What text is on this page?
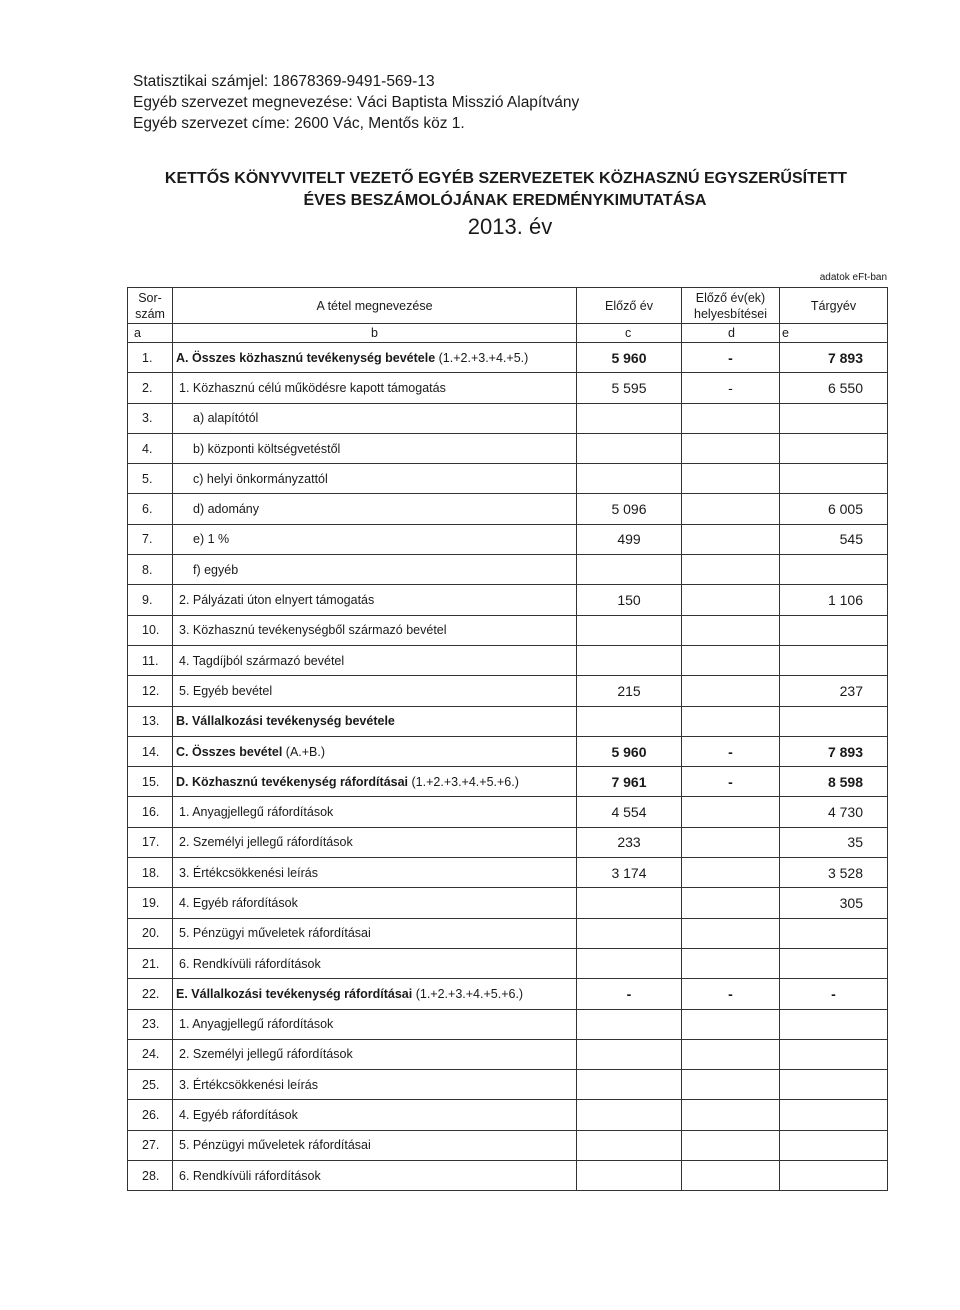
Statisztikai számjel: 18678369-9491-569-13
Egyéb szervezet megnevezése: Váci Baptista Misszió Alapítvány
Egyéb szervezet címe: 2600 Vác, Mentős köz 1.
KETTŐS KÖNYVVITELT VEZETŐ EGYÉB SZERVEZETEK KÖZHASZNÚ EGYSZERŰSÍTETT
ÉVES BESZÁMOLÓJÁNAK EREDMÉNYKIMUTATÁSA
2013. év
adatok eFt-ban
Sor-
szám	A tétel megnevezése	Előző év	Előző év(ek) helyesbítései	Tárgyév
a	b	c	d	e
1.	A. Összes közhasznú tevékenység bevétele (1.+2.+3.+4.+5.)	5 960	-	7 893
2.	1. Közhasznú célú működésre kapott támogatás	5 595	-	6 550
3.	a) alapítótól			
4.	b) központi költségvetéstől			
5.	c) helyi önkormányzattól			
6.	d) adomány	5 096		6 005
7.	e) 1 %	499		545
8.	f) egyéb			
9.	2. Pályázati úton elnyert támogatás	150		1 106
10.	3. Közhasznú tevékenységből származó bevétel			
11.	4. Tagdíjból származó bevétel			
12.	5. Egyéb bevétel	215		237
13.	B. Vállalkozási tevékenység bevétele			
14.	C. Összes bevétel (A.+B.)	5 960	-	7 893
15.	D. Közhasznú tevékenység ráfordításai (1.+2.+3.+4.+5.+6.)	7 961	-	8 598
16.	1. Anyagjellegű ráfordítások	4 554		4 730
17.	2. Személyi jellegű ráfordítások	233		35
18.	3. Értékcsökkenési leírás	3 174		3 528
19.	4. Egyéb ráfordítások			305
20.	5. Pénzügyi műveletek ráfordításai			
21.	6. Rendkívüli ráfordítások			
22.	E. Vállalkozási tevékenység ráfordításai (1.+2.+3.+4.+5.+6.)	-	-	-
23.	1. Anyagjellegű ráfordítások			
24.	2. Személyi jellegű ráfordítások			
25.	3. Értékcsökkenési leírás			
26.	4. Egyéb ráfordítások			
27.	5. Pénzügyi műveletek ráfordításai			
28.	6. Rendkívüli ráfordítások			
